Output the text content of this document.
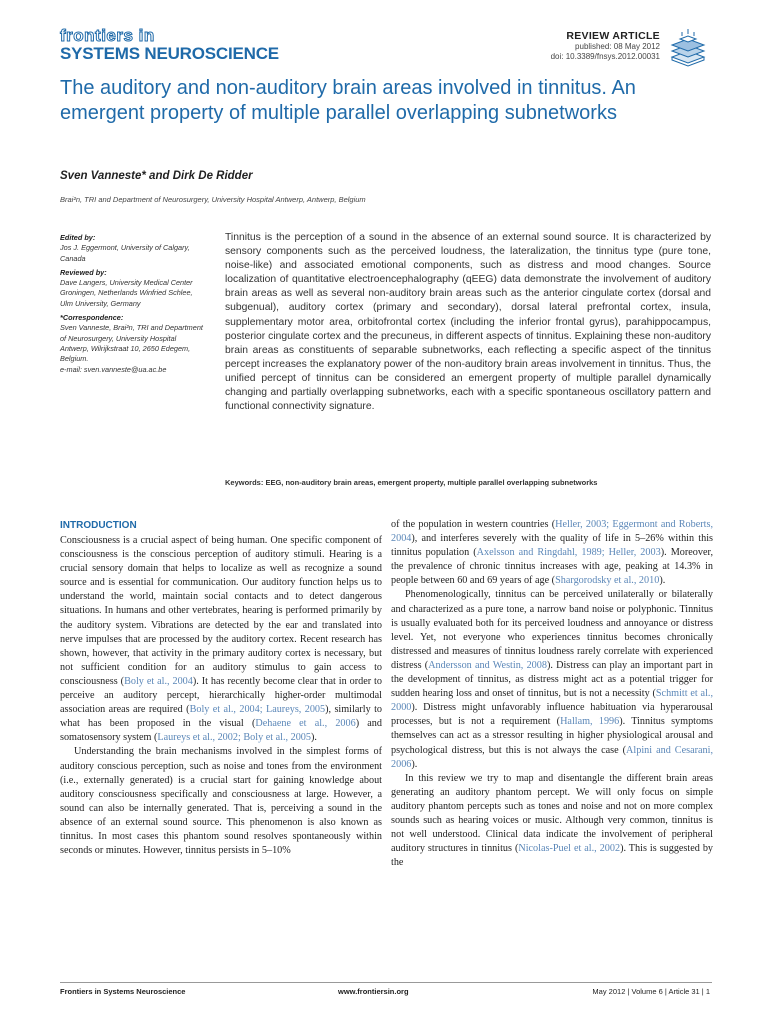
frontiers in
SYSTEMS NEUROSCIENCE
REVIEW ARTICLE
published: 08 May 2012
doi: 10.3389/fnsys.2012.00031
The auditory and non-auditory brain areas involved in tinnitus. An emergent property of multiple parallel overlapping subnetworks
Sven Vanneste* and Dirk De Ridder
Brai²n, TRI and Department of Neurosurgery, University Hospital Antwerp, Antwerp, Belgium
Edited by:
Jos J. Eggermont, University of Calgary, Canada
Reviewed by:
Dave Langers, University Medical Center Groningen, Netherlands Winfried Schlee, Ulm University, Germany
*Correspondence:
Sven Vanneste, Brai²n, TRI and Department of Neurosurgery, University Hospital Antwerp, Wilrijkstraat 10, 2650 Edegem, Belgium.
e-mail: sven.vanneste@ua.ac.be
Tinnitus is the perception of a sound in the absence of an external sound source. It is characterized by sensory components such as the perceived loudness, the lateralization, the tinnitus type (pure tone, noise-like) and associated emotional components, such as distress and mood changes. Source localization of quantitative electroencephalography (qEEG) data demonstrate the involvement of auditory brain areas as well as several non-auditory brain areas such as the anterior cingulate cortex (dorsal and subgenual), auditory cortex (primary and secondary), dorsal lateral prefrontal cortex, insula, supplementary motor area, orbitofrontal cortex (including the inferior frontal gyrus), parahippocampus, posterior cingulate cortex and the precuneus, in different aspects of tinnitus. Explaining these non-auditory brain areas as constituents of separable subnetworks, each reflecting a specific aspect of the tinnitus percept increases the explanatory power of the non-auditory brain areas involvement in tinnitus. Thus, the unified percept of tinnitus can be considered an emergent property of multiple parallel dynamically changing and partially overlapping subnetworks, each with a specific spontaneous oscillatory pattern and functional connectivity signature.
Keywords: EEG, non-auditory brain areas, emergent property, multiple parallel overlapping subnetworks
INTRODUCTION

Consciousness is a crucial aspect of being human. One specific component of consciousness is the conscious perception of auditory stimuli. Hearing is a crucial sensory domain that helps to localize as well as recognize a sound source and is essential for communication. Our auditory function helps us to understand the world, maintain social contacts and to detect dangerous situations. In humans and other vertebrates, hearing is performed primarily by the auditory system. Vibrations are detected by the ear and translated into nerve impulses that are processed by the auditory cortex. Recent research has shown, however, that activity in the primary auditory cortex is necessary, but not sufficient condition for an auditory stimulus to gain access to consciousness (Boly et al., 2004). It has recently become clear that in order to perceive an auditory percept, hierarchically higher-order multimodal association areas are required (Boly et al., 2004; Laureys, 2005), similarly to what has been proposed in the visual (Dehaene et al., 2006) and somatosensory system (Laureys et al., 2002; Boly et al., 2005).

Understanding the brain mechanisms involved in the simplest forms of auditory conscious perception, such as noise and tones from the environment (i.e., externally generated) is a crucial start for gaining knowledge about auditory consciousness specifically and consciousness at large. However, a sound can also be internally generated. That is, perceiving a sound in the absence of an external sound source. This phenomenon is also known as tinnitus. In most cases this phantom sound resolves spontaneously within seconds or minutes. However, tinnitus persists in 5–10%

of the population in western countries (Heller, 2003; Eggermont and Roberts, 2004), and interferes severely with the quality of life in 5–26% within this tinnitus population (Axelsson and Ringdahl, 1989; Heller, 2003). Moreover, the prevalence of chronic tinnitus increases with age, peaking at 14.3% in people between 60 and 69 years of age (Shargorodsky et al., 2010).

Phenomenologically, tinnitus can be perceived unilaterally or bilaterally and characterized as a pure tone, a narrow band noise or polyphonic. Tinnitus is usually evaluated both for its perceived loudness and annoyance or distress level. Yet, not everyone who experiences tinnitus becomes chronically distressed and measures of tinnitus loudness rarely correlate with experienced distress (Andersson and Westin, 2008). Distress can play an important part in the development of tinnitus, as distress might act as a potential trigger for sudden hearing loss and onset of tinnitus, but is not a necessity (Schmitt et al., 2000). Distress might unfavorably influence habituation via hyperarousal processes, but is not a requirement (Hallam, 1996). Tinnitus symptoms themselves can act as a stressor resulting in higher physiological arousal and psychological distress, but this is not always the case (Alpini and Cesarani, 2006).

In this review we try to map and disentangle the different brain areas generating an auditory phantom percept. We will only focus on simple auditory phantom percepts such as tones and noise and not on more complex sounds such as hearing voices or music. Although very common, tinnitus is not well understood. Clinical data indicate the involvement of peripheral auditory structures in tinnitus (Nicolas-Puel et al., 2002). This is suggested by the

Frontiers in Systems Neuroscience	www.frontiersin.org	May 2012 | Volume 6 | Article 31 | 1
